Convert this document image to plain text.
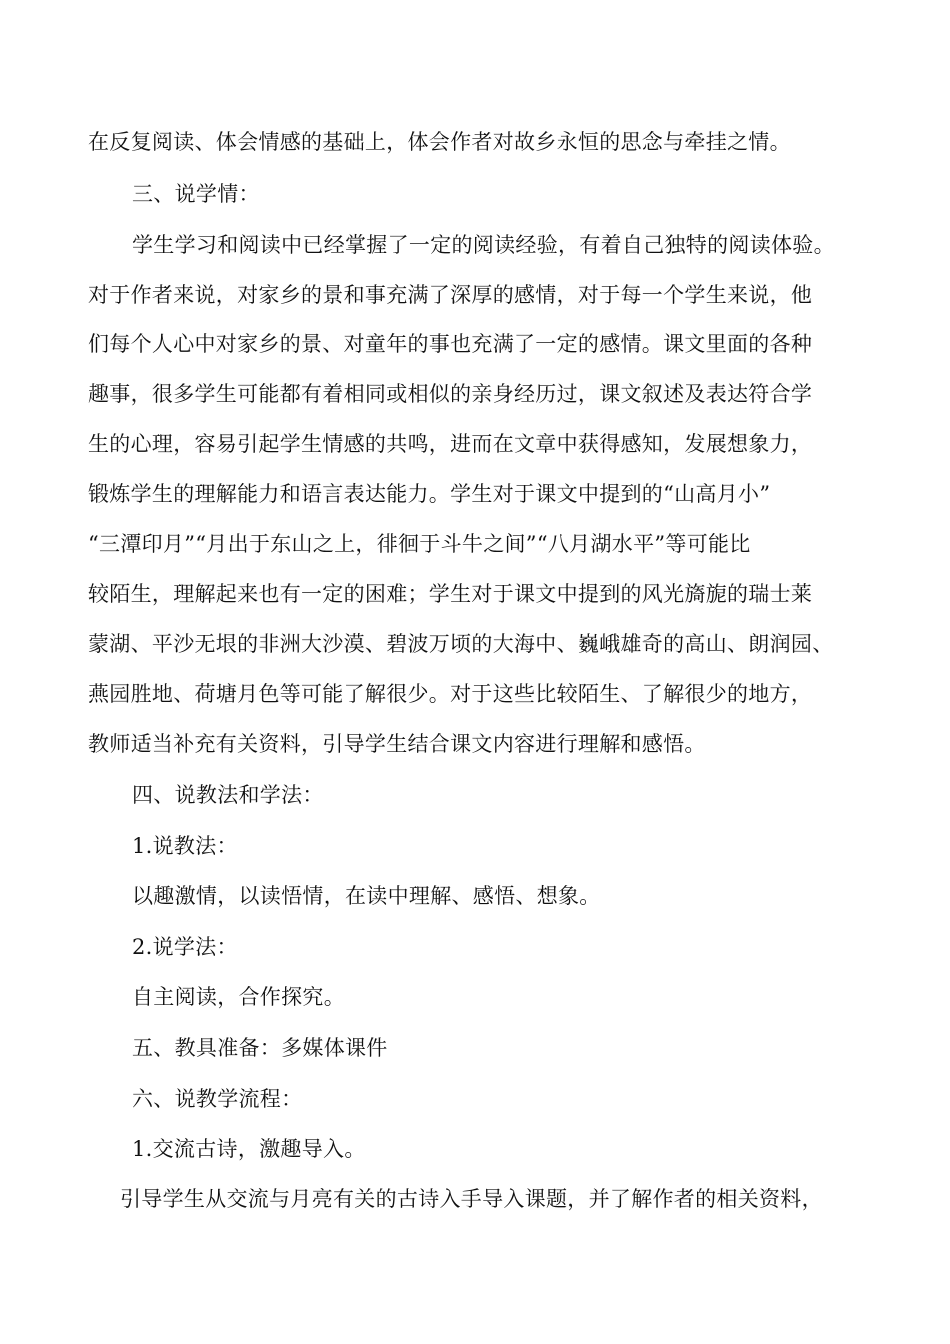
在反复阅读、体会情感的基础上，体会作者对故乡永恒的思念与牵挂之情。
三、说学情：
学生学习和阅读中已经掌握了一定的阅读经验，有着自己独特的阅读体验。
对于作者来说，对家乡的景和事充满了深厚的感情，对于每一个学生来说，他
们每个人心中对家乡的景、对童年的事也充满了一定的感情。课文里面的各种
趣事，很多学生可能都有着相同或相似的亲身经历过，课文叙述及表达符合学
生的心理，容易引起学生情感的共鸣，进而在文章中获得感知，发展想象力，
锻炼学生的理解能力和语言表达能力。学生对于课文中提到的“山高月小”
“三潭印月”“月出于东山之上，徘徊于斗牛之间”“八月湖水平”等可能比
较陌生，理解起来也有一定的困难；学生对于课文中提到的风光旖旎的瑞士莱
蒙湖、平沙无垠的非洲大沙漠、碧波万顷的大海中、巍峨雄奇的高山、朗润园、
燕园胜地、荷塘月色等可能了解很少。对于这些比较陌生、了解很少的地方，
教师适当补充有关资料，引导学生结合课文内容进行理解和感悟。
四、说教法和学法：
1.说教法：
以趣激情，以读悟情，在读中理解、感悟、想象。
2.说学法：
自主阅读，合作探究。
五、教具准备：多媒体课件
六、说教学流程：
1.交流古诗，激趣导入。
引导学生从交流与月亮有关的古诗入手导入课题，并了解作者的相关资料，
